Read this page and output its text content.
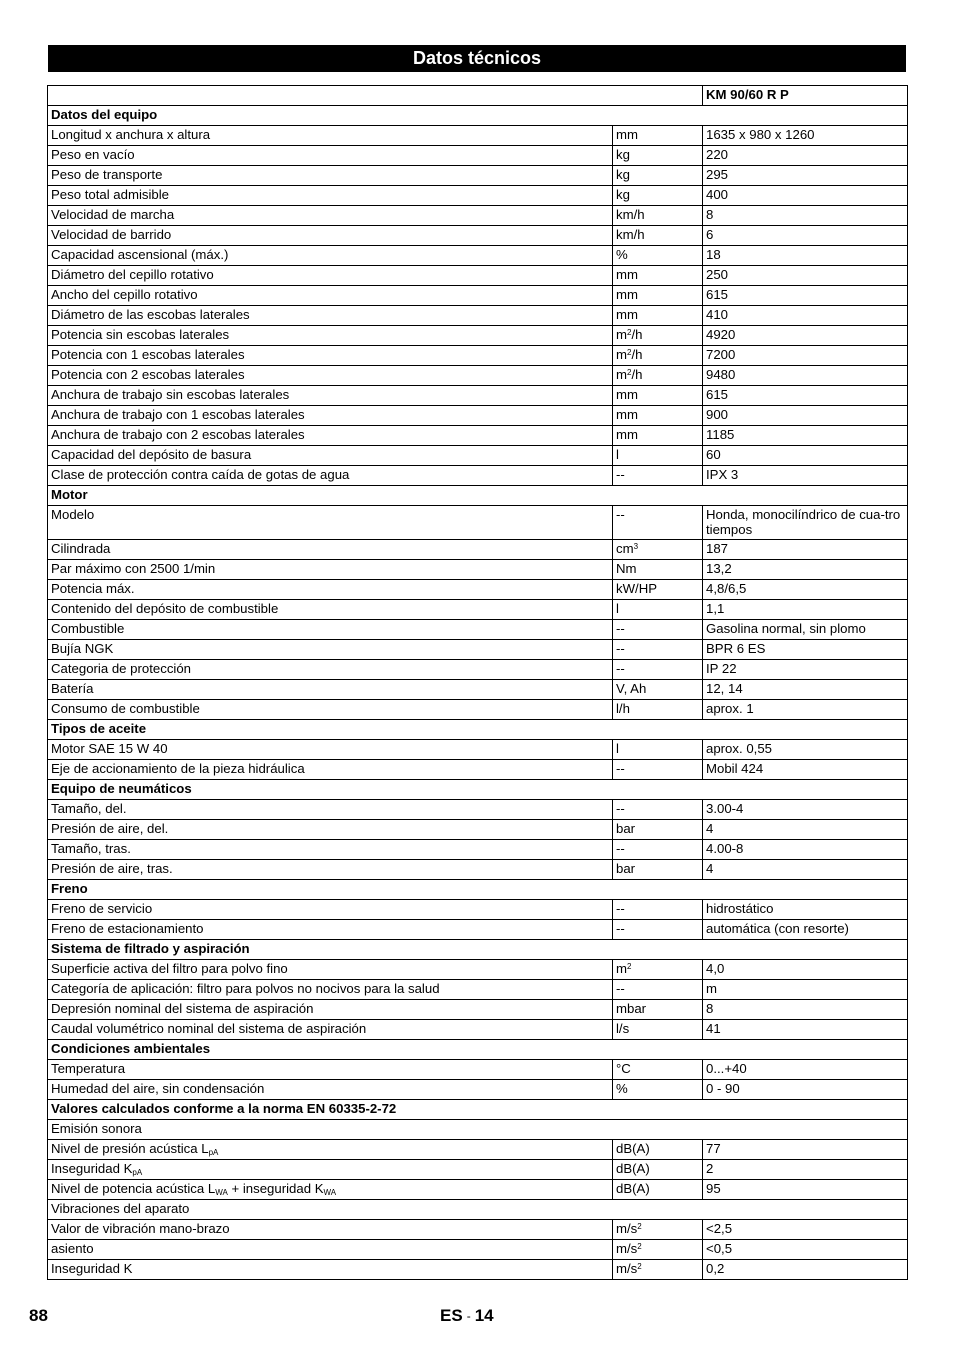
Datos técnicos
		KM 90/60 R P
Datos del equipo		
Longitud x anchura x altura	mm	1635 x 980 x 1260
Peso en vacío	kg	220
Peso de transporte	kg	295
Peso total admisible	kg	400
Velocidad de marcha	km/h	8
Velocidad de barrido	km/h	6
Capacidad ascensional (máx.)	%	18
Diámetro del cepillo rotativo	mm	250
Ancho del cepillo rotativo	mm	615
Diámetro de las escobas laterales	mm	410
Potencia sin escobas laterales	$m^2/h$	4920
Potencia con 1 escobas laterales	$m^2/h$	7200
Potencia con 2 escobas laterales	$m^2/h$	9480
Anchura de trabajo sin escobas laterales	mm	615
Anchura de trabajo con 1 escobas laterales	mm	900
Anchura de trabajo con 2 escobas laterales	mm	1185
Capacidad del depósito de basura	l	60
Clase de protección contra caída de gotas de agua	--	IPX 3
Motor		
Modelo	--	Honda, monocilíndrico de cua-tro tiempos
Cilindrada	$cm^3$	187
Par máximo con 2500 1/min	Nm	13,2
Potencia máx.	kW/HP	4,8/6,5
Contenido del depósito de combustible	l	1,1
Combustible	--	Gasolina normal, sin plomo
Bujía NGK	--	BPR 6 ES
Categoria de protección	--	IP 22
Batería	V, Ah	12, 14
Consumo de combustible	l/h	aprox. 1
Tipos de aceite		
Motor SAE 15 W 40	l	aprox. 0,55
Eje de accionamiento de la pieza hidráulica	--	Mobil 424
Equipo de neumáticos		
Tamaño, del.	--	3.00-4
Presión de aire, del.	bar	4
Tamaño, tras.	--	4.00-8
Presión de aire, tras.	bar	4
Freno		
Freno de servicio	--	hidrostático
Freno de estacionamiento	--	automática (con resorte)
Sistema de filtrado y aspiración		
Superficie activa del filtro para polvo fino	$m^2$	4,0
Categoría de aplicación: filtro para polvos no nocivos para la salud	--	m
Depresión nominal del sistema de aspiración	mbar	8
Caudal volumétrico nominal del sistema de aspiración	l/s	41
Condiciones ambientales		
Temperatura	°C	0...+40
Humedad del aire, sin condensación	%	0 - 90
Valores calculados conforme a la norma EN 60335-2-72		
Emisión sonora		
Nivel de presión acústica $L_{pA}$	dB(A)	77
Inseguridad $K_{pA}$	dB(A)	2
Nivel de potencia acústica $L_{WA}$ + inseguridad $K_{WA}$	dB(A)	95
Vibraciones del aparato		
Valor de vibración mano-brazo	$m/s^2$	<2,5
asiento	$m/s^2$	<0,5
Inseguridad K	$m/s^2$	0,2
88	ES - 14
